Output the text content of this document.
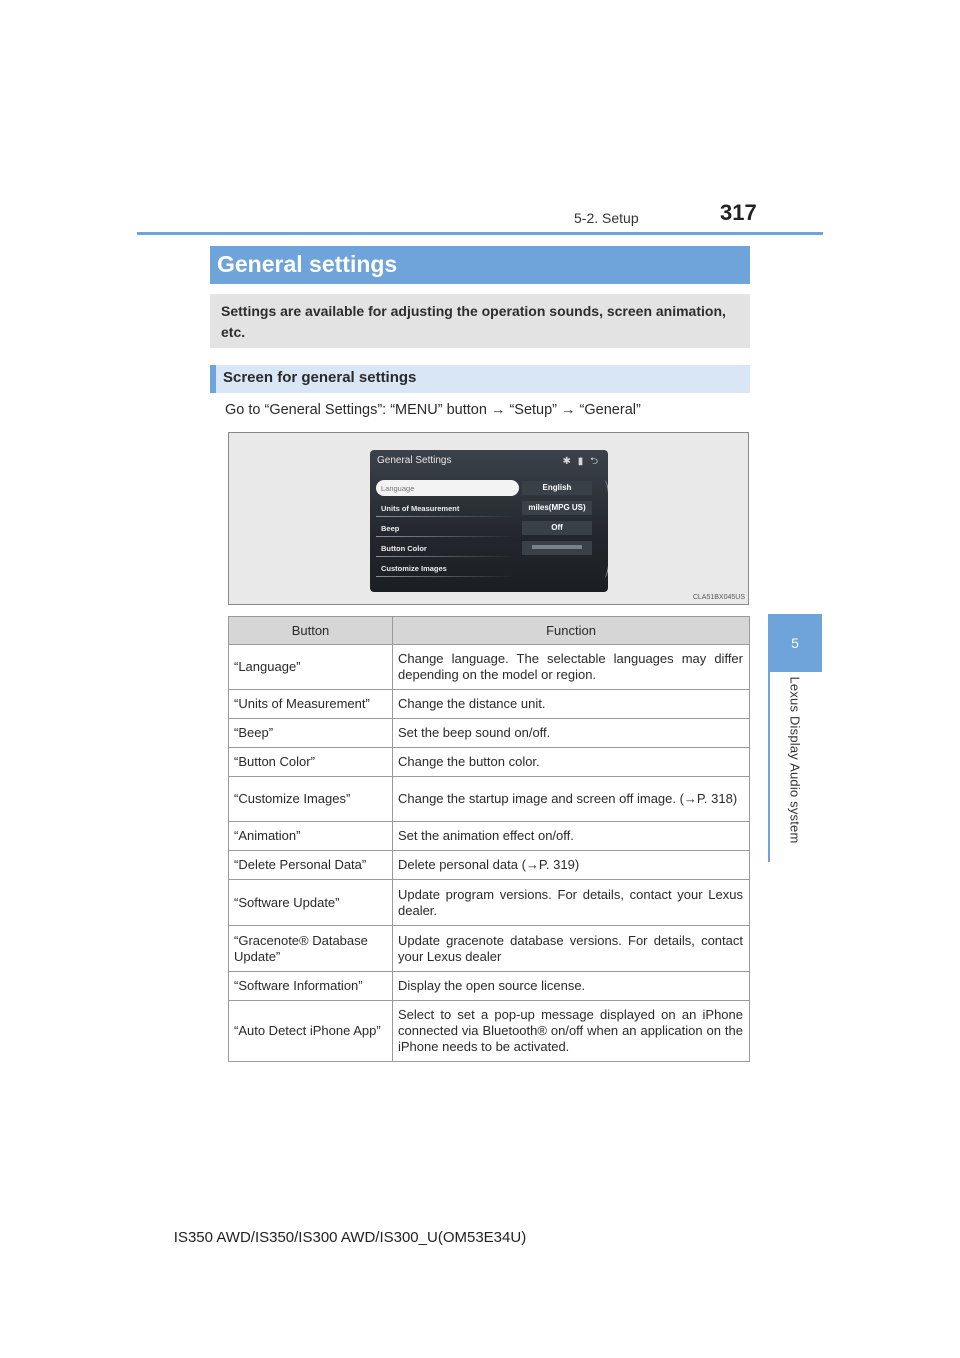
5-2. Setup	317
5
Lexus Display Audio system
General settings
Settings are available for adjusting the operation sounds, screen animation, etc.
Screen for general settings
Go to “General Settings”: “MENU” button → “Setup” → “General”
General Settings	✱ ▮ ⮌
Language	English
Units of Measurement	miles(MPG US)
Beep	Off
Button Color
Customize Images
CLA51BX045US
Button	Function
“Language”	Change language. The selectable languages may differ depending on the model or region.
“Units of Measurement”	Change the distance unit.
“Beep”	Set the beep sound on/off.
“Button Color”	Change the button color.
“Customize Images”	Change the startup image and screen off image. (→P. 318)
“Animation”	Set the animation effect on/off.
“Delete Personal Data”	Delete personal data (→P. 319)
“Software Update”	Update program versions. For details, contact your Lexus dealer.
“Gracenote® Database Update”	Update gracenote database versions. For details, contact your Lexus dealer
“Software Information”	Display the open source license.
“Auto Detect iPhone App”	Select to set a pop-up message displayed on an iPhone connected via Bluetooth® on/off when an application on the iPhone needs to be activated.
IS350 AWD/IS350/IS300 AWD/IS300_U(OM53E34U)
